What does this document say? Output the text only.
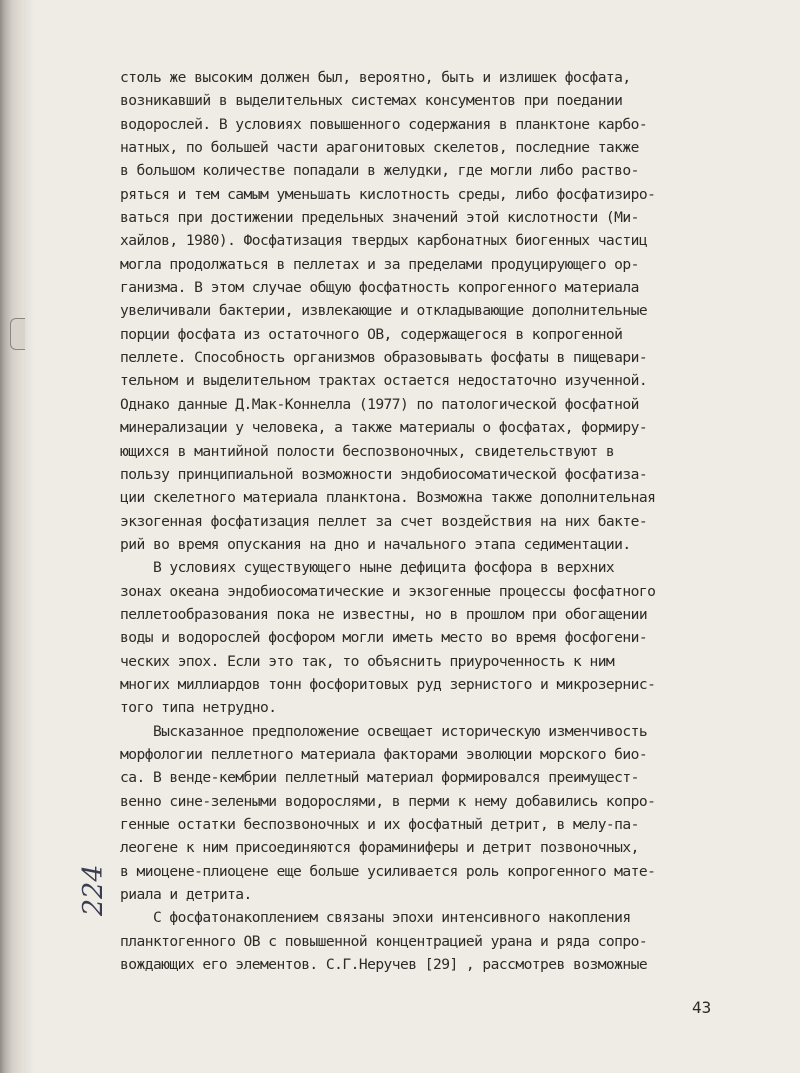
столь же высоким должен был, вероятно, быть и излишек фосфата,
возникавший в выделительных системах консументов при поедании
водорослей. В условиях повышенного содержания в планктоне карбо-
натных, по большей части арагонитовых скелетов, последние также
в большом количестве попадали в желудки, где могли либо раство-
ряться и тем самым уменьшать кислотность среды, либо фосфатизиро-
ваться при достижении предельных значений этой кислотности (Ми-
хайлов, 1980). Фосфатизация твердых карбонатных биогенных частиц
могла продолжаться в пеллетах и за пределами продуцирующего ор-
ганизма. В этом случае общую фосфатность копрогенного материала
увеличивали бактерии, извлекающие и откладывающие дополнительные
порции фосфата из остаточного ОВ, содержащегося в копрогенной
пеллете. Способность организмов образовывать фосфаты в пищевари-
тельном и выделительном трактах остается недостаточно изученной.
Однако данные Д.Мак-Коннелла (1977) по патологической фосфатной
минерализации у человека, а также материалы о фосфатах, формиру-
ющихся в мантийной полости беспозвоночных, свидетельствуют в
пользу принципиальной возможности эндобиосоматической фосфатиза-
ции скелетного материала планктона. Возможна также дополнительная
экзогенная фосфатизация пеллет за счет воздействия на них бакте-
рий во время опускания на дно и начального этапа седиментации.
В условиях существующего ныне дефицита фосфора в верхних
зонах океана эндобиосоматические и экзогенные процессы фосфатного
пеллетообразования пока не известны, но в прошлом при обогащении
воды и водорослей фосфором могли иметь место во время фосфогени-
ческих эпох. Если это так, то объяснить приуроченность к ним
многих миллиардов тонн фосфоритовых руд зернистого и микрозернис-
того типа нетрудно.
Высказанное предположение освещает историческую изменчивость
морфологии пеллетного материала факторами эволюции морского био-
са. В венде-кембрии пеллетный материал формировался преимущест-
венно сине-зелеными водорослями, в перми к нему добавились копро-
генные остатки беспозвоночных и их фосфатный детрит, в мелу-па-
леогене к ним присоединяются фораминиферы и детрит позвоночных,
в миоцене-плиоцене еще больше усиливается роль копрогенного мате-
риала и детрита.
С фосфатонакоплением связаны эпохи интенсивного накопления
планктогенного ОВ с повышенной концентрацией урана и ряда сопро-
вождающих его элементов. С.Г.Неручев [29] , рассмотрев возможные
224
43
